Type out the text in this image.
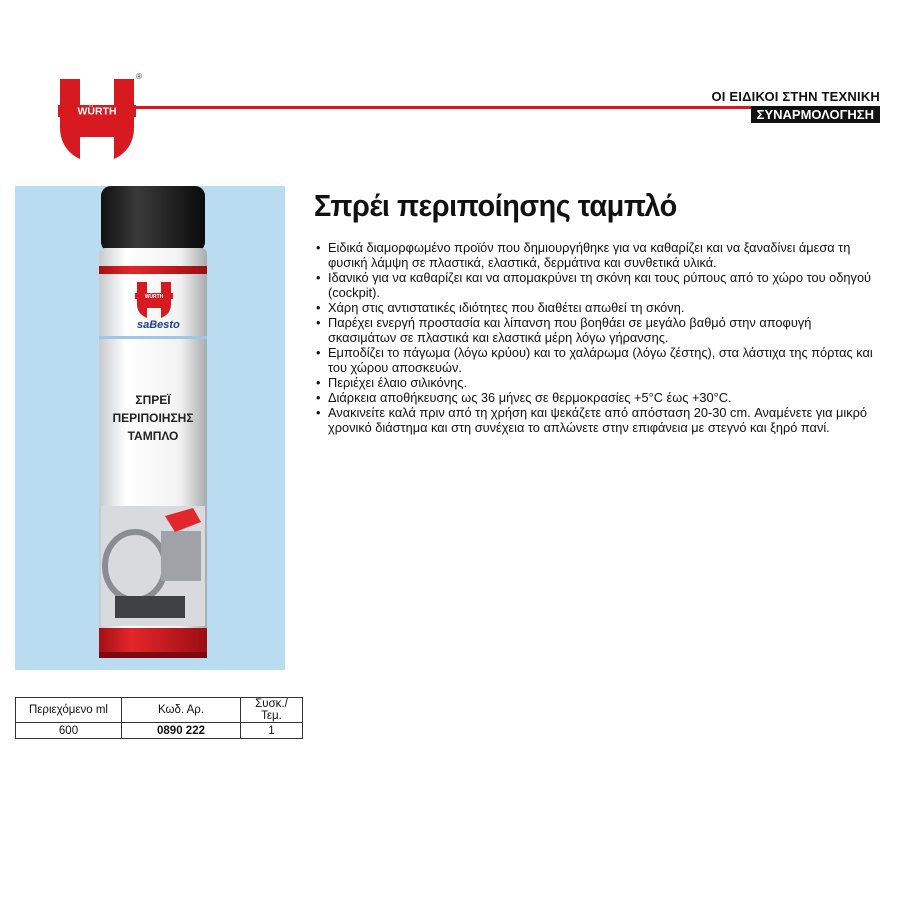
WÜRTH
®
ΟΙ ΕΙΔΙΚΟΙ ΣΤΗΝ ΤΕΧΝΙΚΗ
ΣΥΝΑΡΜΟΛΟΓΗΣΗ
WÜRTH
saBesto
ΣΠΡΕΪ
ΠΕΡΙΠΟΙΗΣΗΣ
ΤΑΜΠΛΟ
Σπρέι περιποίησης ταμπλό
• Ειδικά διαμορφωμένο προϊόν που δημιουργήθηκε για να καθαρίζει και να ξαναδίνει άμεσα τη φυσική λάμψη σε πλαστικά, ελαστικά, δερμάτινα και συνθετικά υλικά.
• Ιδανικό για να καθαρίζει και να απομακρύνει τη σκόνη και τους ρύπους από το χώρο του οδηγού (cockpit).
• Χάρη στις αντιστατικές ιδιότητες που διαθέτει απωθεί τη σκόνη.
• Παρέχει ενεργή προστασία και λίπανση που βοηθάει σε μεγάλο βαθμό στην αποφυγή σκασιμάτων σε πλαστικά και ελαστικά μέρη λόγω γήρανσης.
• Εμποδίζει το πάγωμα (λόγω κρύου) και το χαλάρωμα (λόγω ζέστης), στα λάστιχα της πόρτας και του χώρου αποσκευών.
• Περιέχει έλαιο σιλικόνης.
• Διάρκεια αποθήκευσης ως 36 μήνες σε θερμοκρασίες +5°C έως +30°C.
• Ανακινείτε καλά πριν από τη χρήση και ψεκάζετε από απόσταση 20-30 cm. Αναμένετε για μικρό χρονικό διάστημα και στη συνέχεια το απλώνετε στην επιφάνεια με στεγνό και ξηρό πανί.
Περιεχόμενο ml	Κωδ. Αρ.	Συσκ./Τεμ.
600	0890 222	1
